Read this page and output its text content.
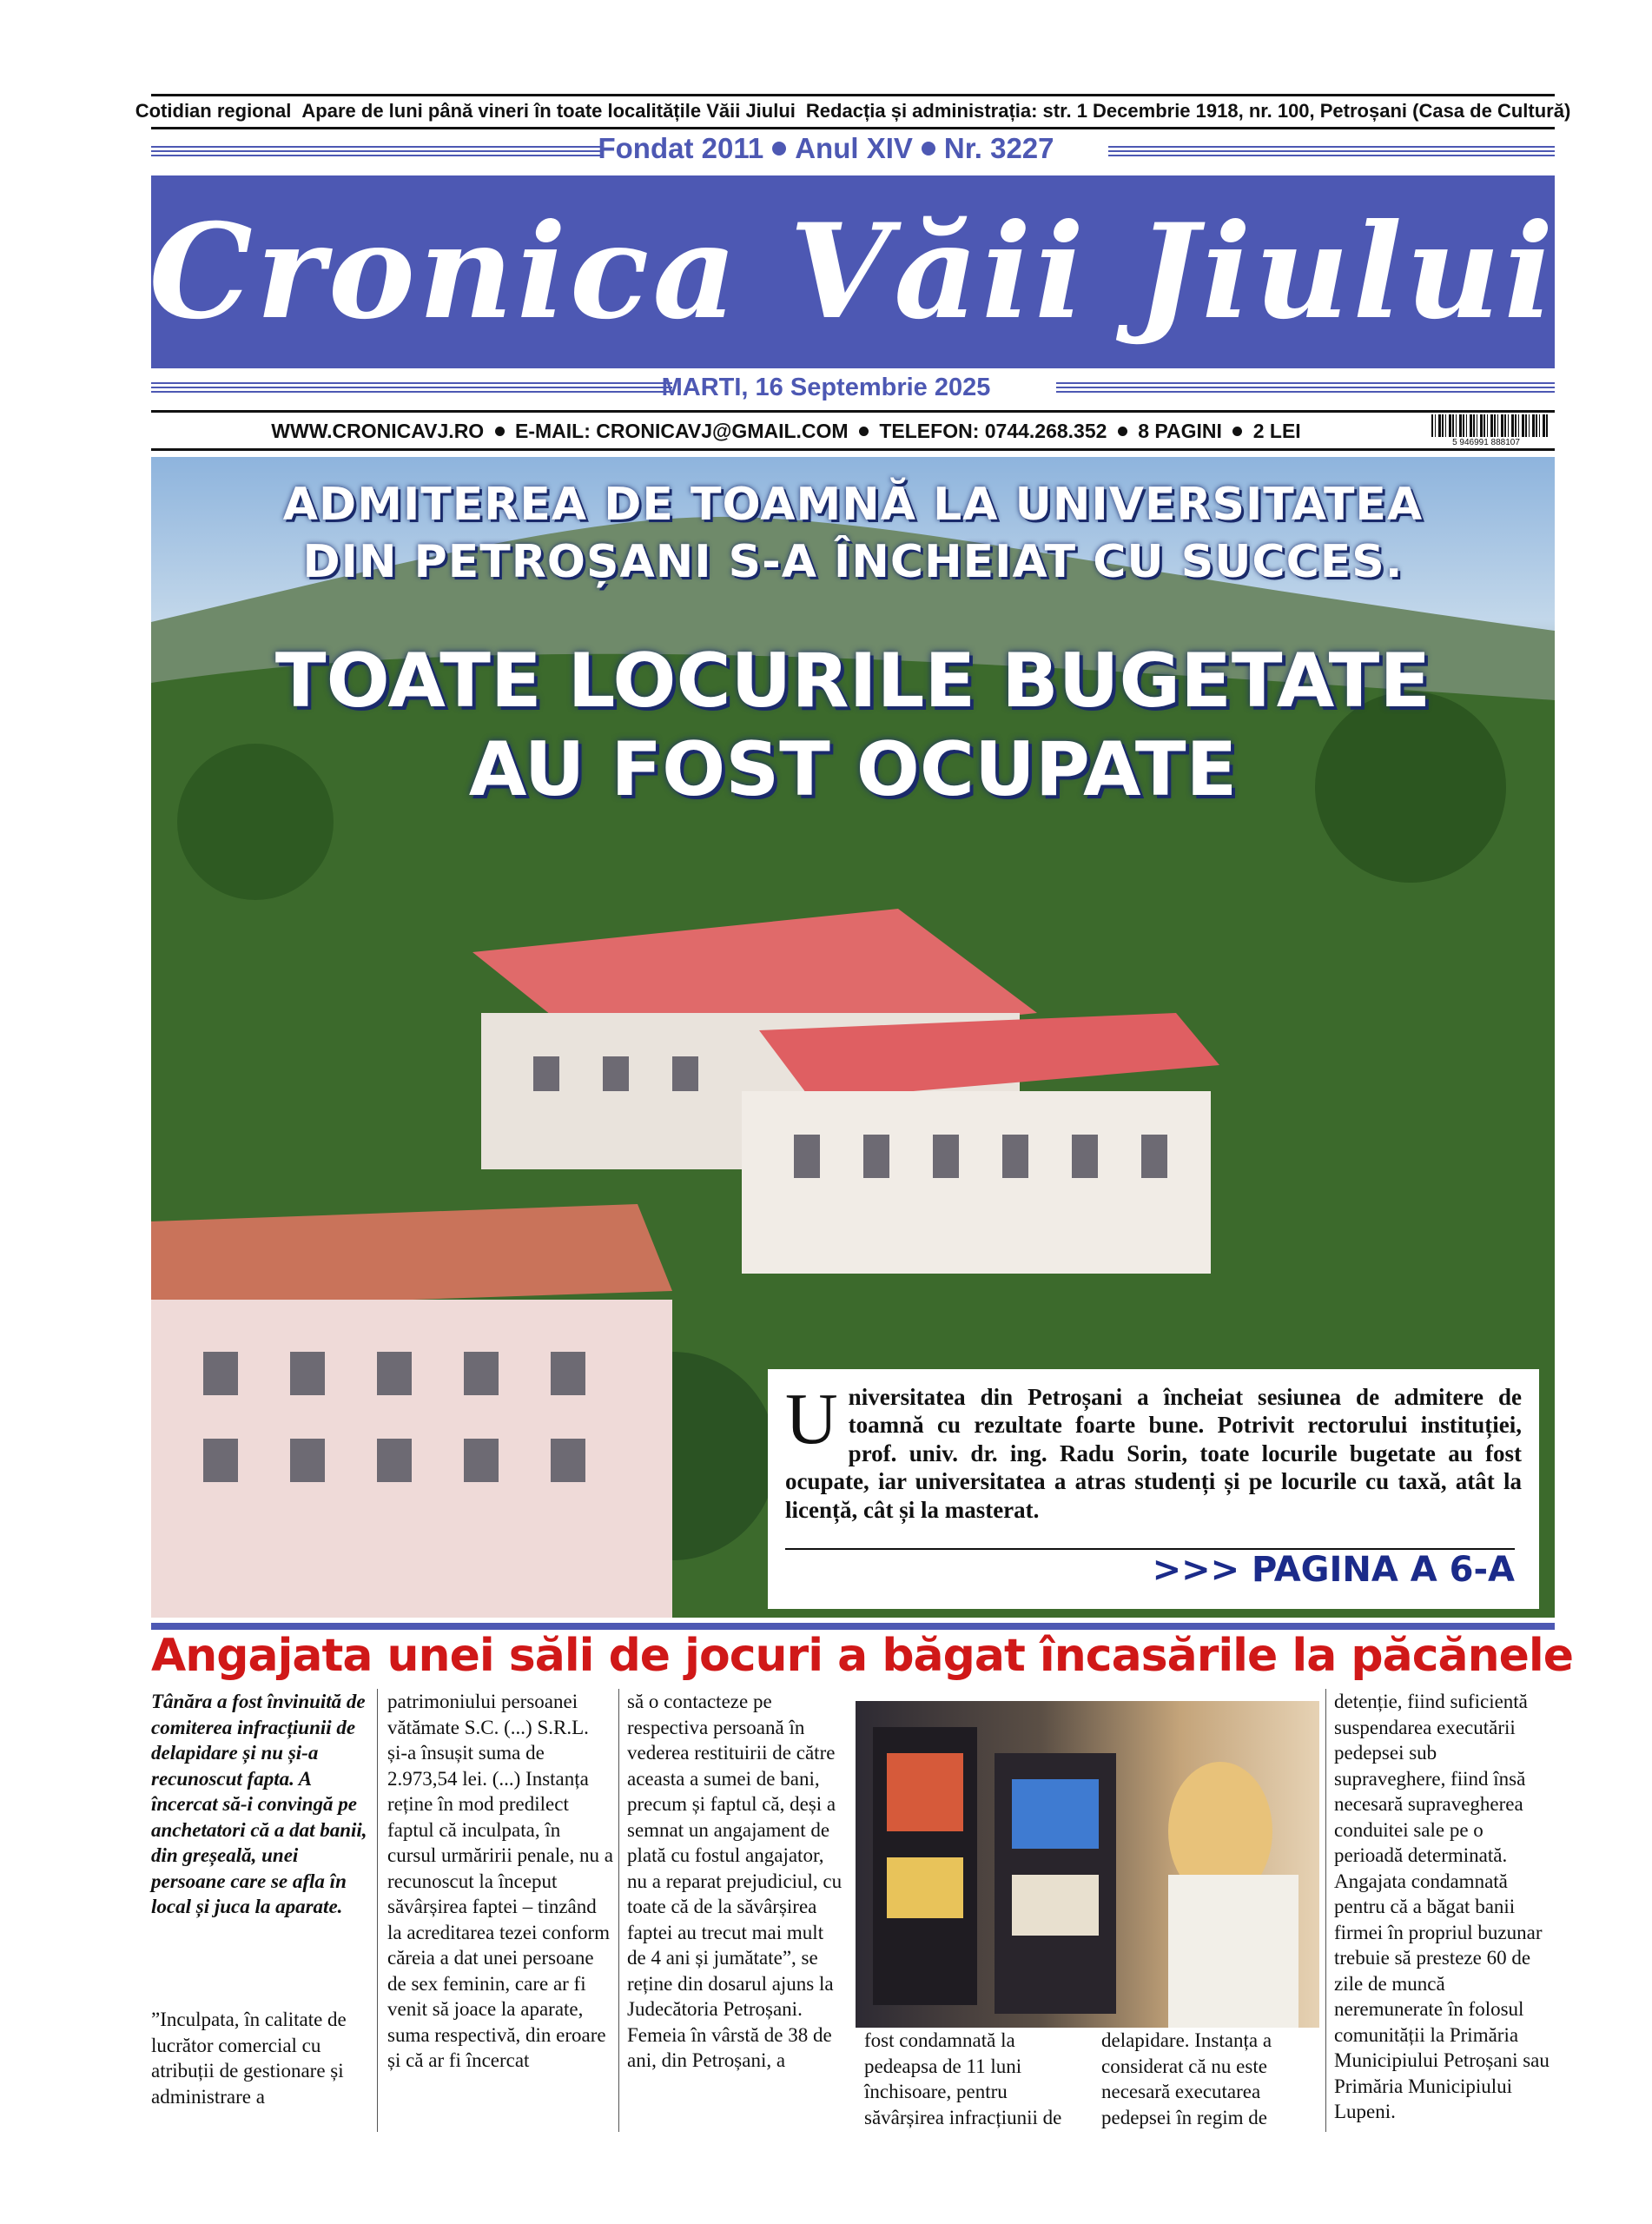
Cotidian regional Apare de luni până vineri în toate localitățile Văii Jiului Redacția și administrația: str. 1 Decembrie 1918, nr. 100, Petroșani (Casa de Cultură)
Fondat 2011 Anul XIV Nr. 3227
Cronica Văii Jiului
MARTI, 16 Septembrie 2025
WWW.CRONICAVJ.RO E-MAIL: CRONICAVJ@GMAIL.COM TELEFON: 0744.268.352 8 PAGINI 2 LEI
5 946991 888107
ADMITEREA DE TOAMNĂ LA UNIVERSITATEA
DIN PETROȘANI S-A ÎNCHEIAT CU SUCCES.
TOATE LOCURILE BUGETATE
AU FOST OCUPATE
Universitatea din Petroșani a încheiat sesiunea de admitere de toamnă cu rezultate foarte bune. Potrivit rectorului instituției, prof. univ. dr. ing. Radu Sorin, toate locurile bugetate au fost ocupate, iar universitatea a atras studenți și pe locurile cu taxă, atât la licență, cât și la masterat.
>>> PAGINA A 6-A
Angajata unei săli de jocuri a băgat încasările la păcănele
Tânăra a fost învinuită de comiterea infracțiunii de delapidare și nu și-a recunoscut fapta. A încercat să-i convingă pe anchetatori că a dat banii, din greșeală, unei persoane care se afla în local și juca la aparate.
”Inculpata, în calitate de lucrător comercial cu atribuții de gestionare și administrare a
patrimoniului persoanei vătămate S.C. (...) S.R.L. și-a însușit suma de 2.973,54 lei. (...) Instanța reține în mod predilect faptul că inculpata, în cursul urmăririi penale, nu a recunoscut la început săvârșirea faptei – tinzând la acreditarea tezei conform căreia a dat unei persoane de sex feminin, care ar fi venit să joace la aparate, suma respectivă, din eroare și că ar fi încercat
să o contacteze pe respectiva persoană în vederea restituirii de către aceasta a sumei de bani, precum și faptul că, deși a semnat un angajament de plată cu fostul angajator, nu a reparat prejudiciul, cu toate că de la săvârșirea faptei au trecut mai mult de 4 ani și jumătate”, se reține din dosarul ajuns la Judecătoria Petroșani. Femeia în vârstă de 38 de ani, din Petroșani, a
fost condamnată la pedeapsa de 11 luni închisoare, pentru săvârșirea infracțiunii de
delapidare. Instanța a considerat că nu este necesară executarea pedepsei în regim de
detenție, fiind suficientă suspendarea executării pedepsei sub supraveghere, fiind însă necesară supravegherea conduitei sale pe o perioadă determinată. Angajata condamnată pentru că a băgat banii firmei în propriul buzunar trebuie să presteze 60 de zile de muncă neremunerate în folosul comunității la Primăria Municipiului Petroșani sau Primăria Municipiului Lupeni.
